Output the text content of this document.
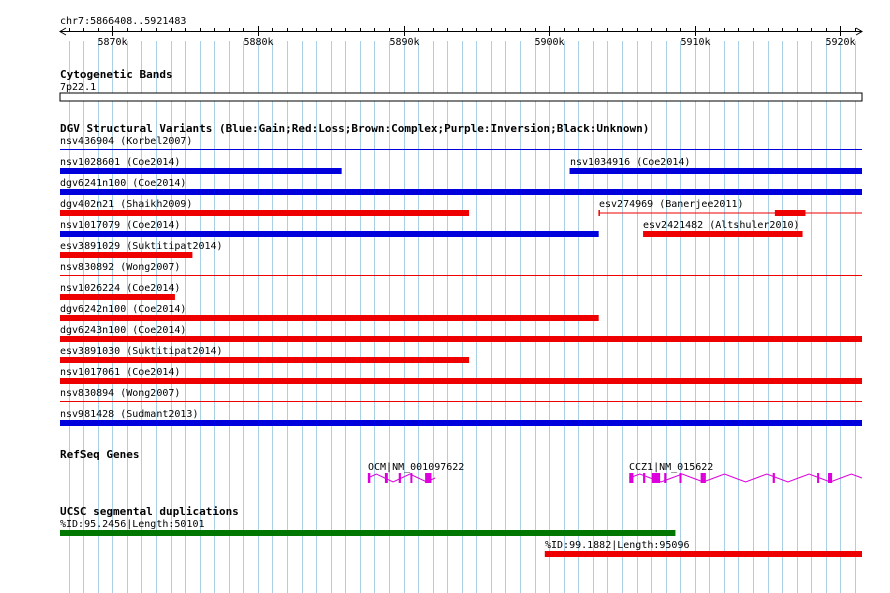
chr7:5866408..5921483
5870k	5880k	5890k	5900k	5910k	5920k
Cytogenetic Bands
7p22.1
DGV Structural Variants (Blue:Gain;Red:Loss;Brown:Complex;Purple:Inversion;Black:Unknown)
nsv436904 (Korbel2007)
nsv1028601 (Coe2014)	nsv1034916 (Coe2014)
dgv6241n100 (Coe2014)
dgv402n21 (Shaikh2009)	esv274969 (Banerjee2011)
nsv1017079 (Coe2014)	esv2421482 (Altshuler2010)
esv3891029 (Suktitipat2014)
nsv830892 (Wong2007)
nsv1026224 (Coe2014)
dgv6242n100 (Coe2014)
dgv6243n100 (Coe2014)
esv3891030 (Suktitipat2014)
nsv1017061 (Coe2014)
nsv830894 (Wong2007)
nsv981428 (Sudmant2013)
RefSeq Genes
OCM|NM_001097622	CCZ1|NM_015622
UCSC segmental duplications
%ID:95.2456|Length:50101
%ID:99.1882|Length:95096
